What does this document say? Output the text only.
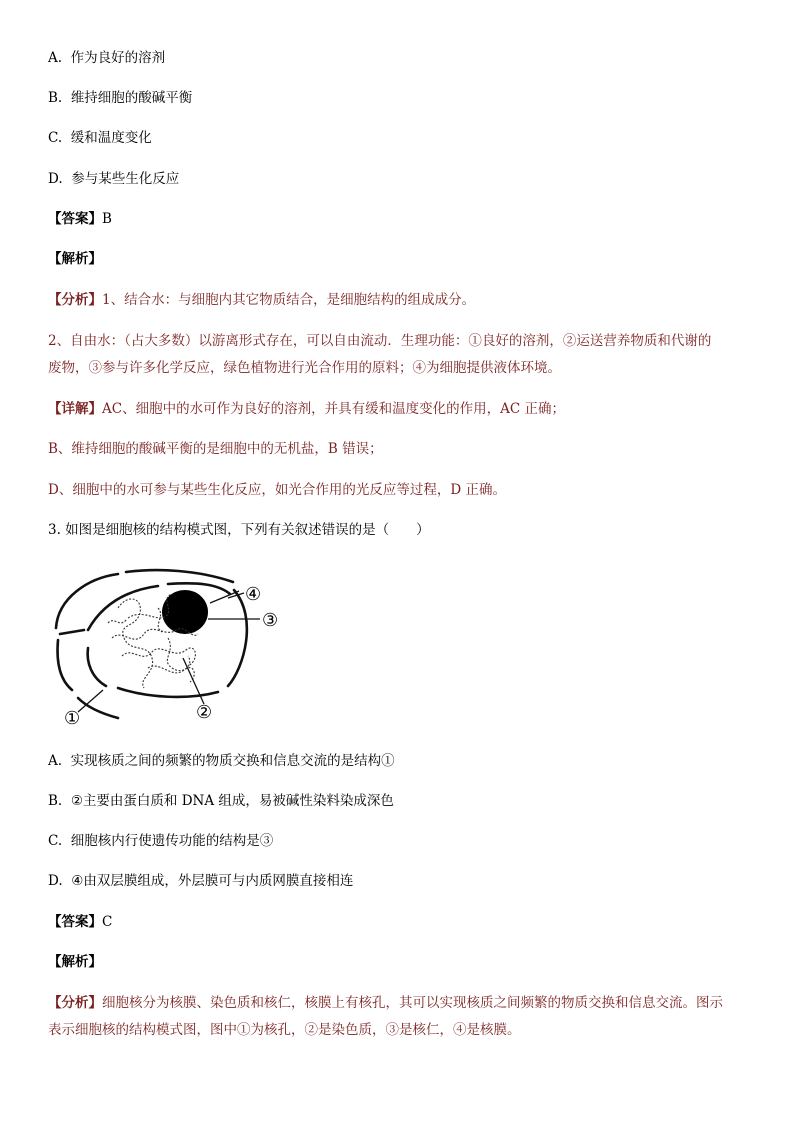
A. 作为良好的溶剂
B. 维持细胞的酸碱平衡
C. 缓和温度变化
D. 参与某些生化反应
【答案】B
【解析】
【分析】1、结合水：与细胞内其它物质结合，是细胞结构的组成成分。
2、自由水：（占大多数）以游离形式存在，可以自由流动．生理功能：①良好的溶剂，②运送营养物质和代谢的
废物，③参与许多化学反应，绿色植物进行光合作用的原料；④为细胞提供液体环境。
【详解】AC、细胞中的水可作为良好的溶剂，并具有缓和温度变化的作用，AC 正确；
B、维持细胞的酸碱平衡的是细胞中的无机盐，B 错误；
D、细胞中的水可参与某些生化反应，如光合作用的光反应等过程，D 正确。
3. 如图是细胞核的结构模式图，下列有关叙述错误的是（　　）
④
③
②
①
A. 实现核质之间的频繁的物质交换和信息交流的是结构①
B. ②主要由蛋白质和 DNA 组成，易被碱性染料染成深色
C. 细胞核内行使遗传功能的结构是③
D. ④由双层膜组成，外层膜可与内质网膜直接相连
【答案】C
【解析】
【分析】细胞核分为核膜、染色质和核仁，核膜上有核孔，其可以实现核质之间频繁的物质交换和信息交流。图示
表示细胞核的结构模式图，图中①为核孔，②是染色质，③是核仁，④是核膜。
